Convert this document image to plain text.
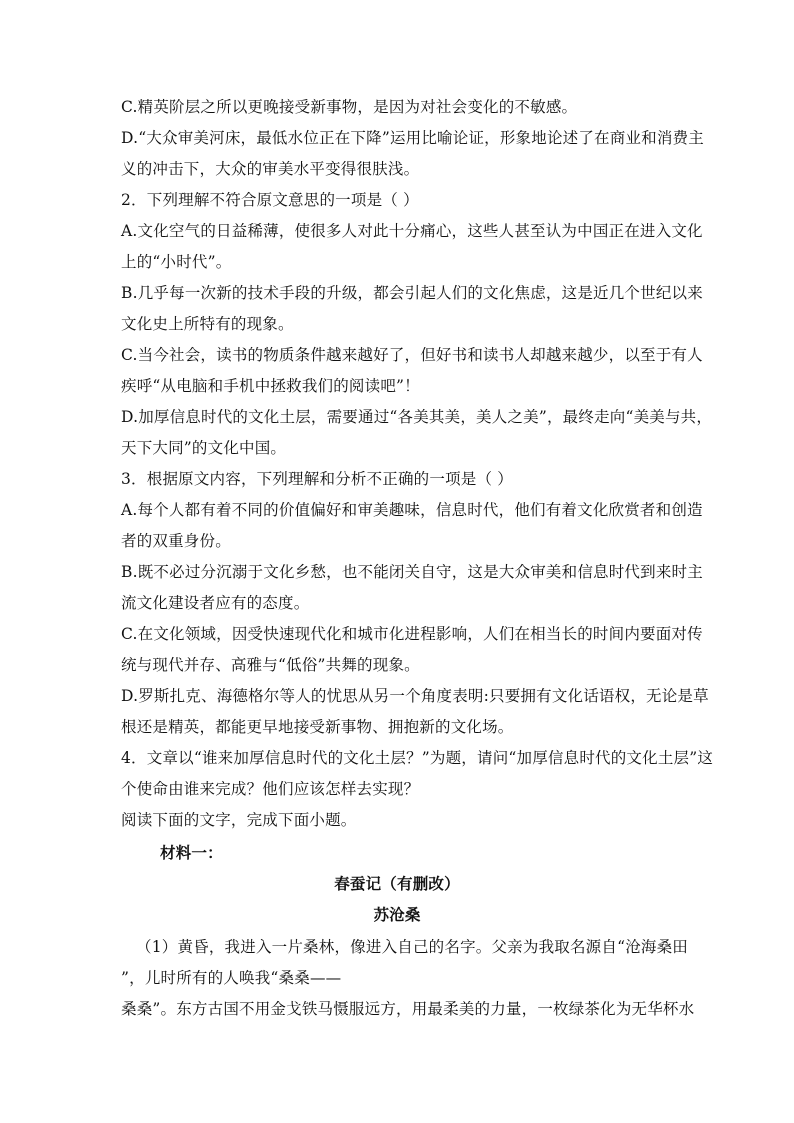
C.精英阶层之所以更晚接受新事物，是因为对社会变化的不敏感。
D.“大众审美河床，最低水位正在下降”运用比喻论证，形象地论述了在商业和消费主
义的冲击下，大众的审美水平变得很肤浅。
2．下列理解不符合原文意思的一项是（ ）
A.文化空气的日益稀薄，使很多人对此十分痛心，这些人甚至认为中国正在进入文化
上的“小时代”。
B.几乎每一次新的技术手段的升级，都会引起人们的文化焦虑，这是近几个世纪以来
文化史上所特有的现象。
C.当今社会，读书的物质条件越来越好了，但好书和读书人却越来越少，以至于有人
疾呼“从电脑和手机中拯救我们的阅读吧”！
D.加厚信息时代的文化土层，需要通过“各美其美，美人之美”，最终走向“美美与共，
天下大同”的文化中国。
3．根据原文内容，下列理解和分析不正确的一项是（ ）
A.每个人都有着不同的价值偏好和审美趣味，信息时代，他们有着文化欣赏者和创造
者的双重身份。
B.既不必过分沉溺于文化乡愁，也不能闭关自守，这是大众审美和信息时代到来时主
流文化建设者应有的态度。
C.在文化领域，因受快速现代化和城市化进程影响，人们在相当长的时间内要面对传
统与现代并存、高雅与“低俗”共舞的现象。
D.罗斯扎克、海德格尔等人的忧思从另一个角度表明:只要拥有文化话语权，无论是草
根还是精英，都能更早地接受新事物、拥抱新的文化场。
4．文章以“谁来加厚信息时代的文化土层？”为题，请问“加厚信息时代的文化土层”这
个使命由谁来完成？他们应该怎样去实现？
阅读下面的文字，完成下面小题。
材料一：
春蚕记（有删改）
苏沧桑
（1）黄昏，我进入一片桑林，像进入自己的名字。父亲为我取名源自“沧海桑田
”，儿时所有的人唤我“桑桑——
桑桑”。东方古国不用金戈铁马慑服远方，用最柔美的力量，一枚绿茶化为无华杯水
